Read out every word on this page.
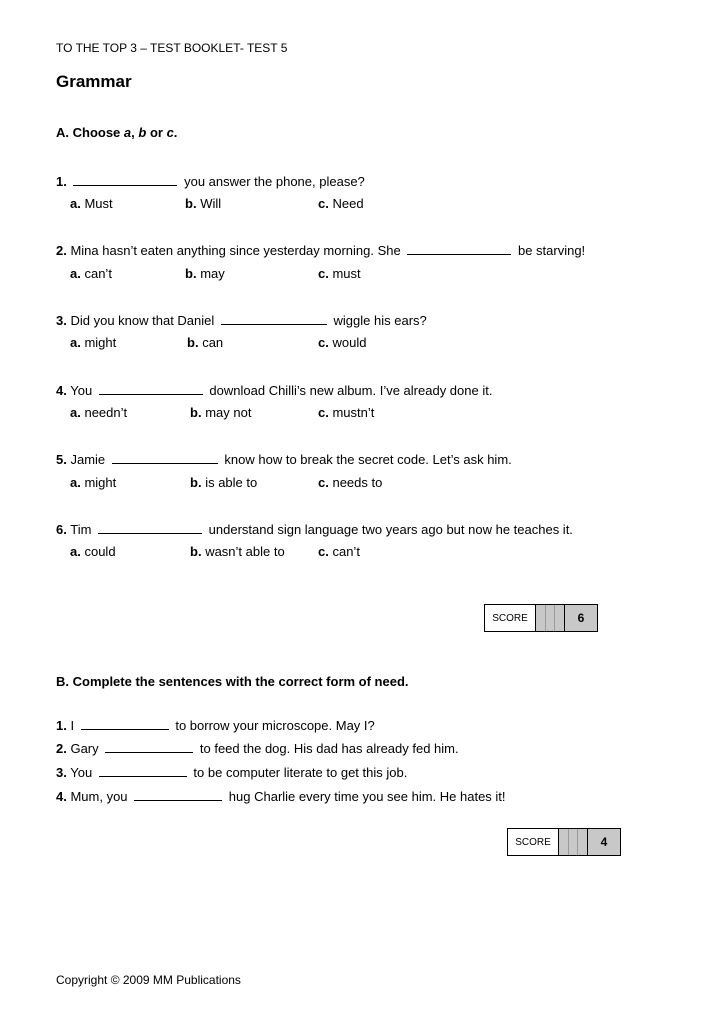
TO THE TOP 3 – TEST BOOKLET- TEST 5
Grammar
A. Choose a, b or c.
1.	you answer the phone, please?
a. Must	b. Will	c. Need
2. Mina hasn’t eaten anything since yesterday morning. She	be starving!
a. can’t	b. may	c. must
3. Did you know that Daniel	wiggle his ears?
a. might	b. can	c. would
4. You	download Chilli’s new album. I’ve already done it.
a. needn’t	b. may not	c. mustn’t
5. Jamie	know how to break the secret code. Let’s ask him.
a. might	b. is able to	c. needs to
6. Tim	understand sign language two years ago but now he teaches it.
a. could	b. wasn’t able to	c. can’t
SCORE	6
B. Complete the sentences with the correct form of need.
1. I	to borrow your microscope. May I?
2. Gary	to feed the dog. His dad has already fed him.
3. You	to be computer literate to get this job.
4. Mum, you	hug Charlie every time you see him. He hates it!
SCORE	4
Copyright © 2009 MM Publications
